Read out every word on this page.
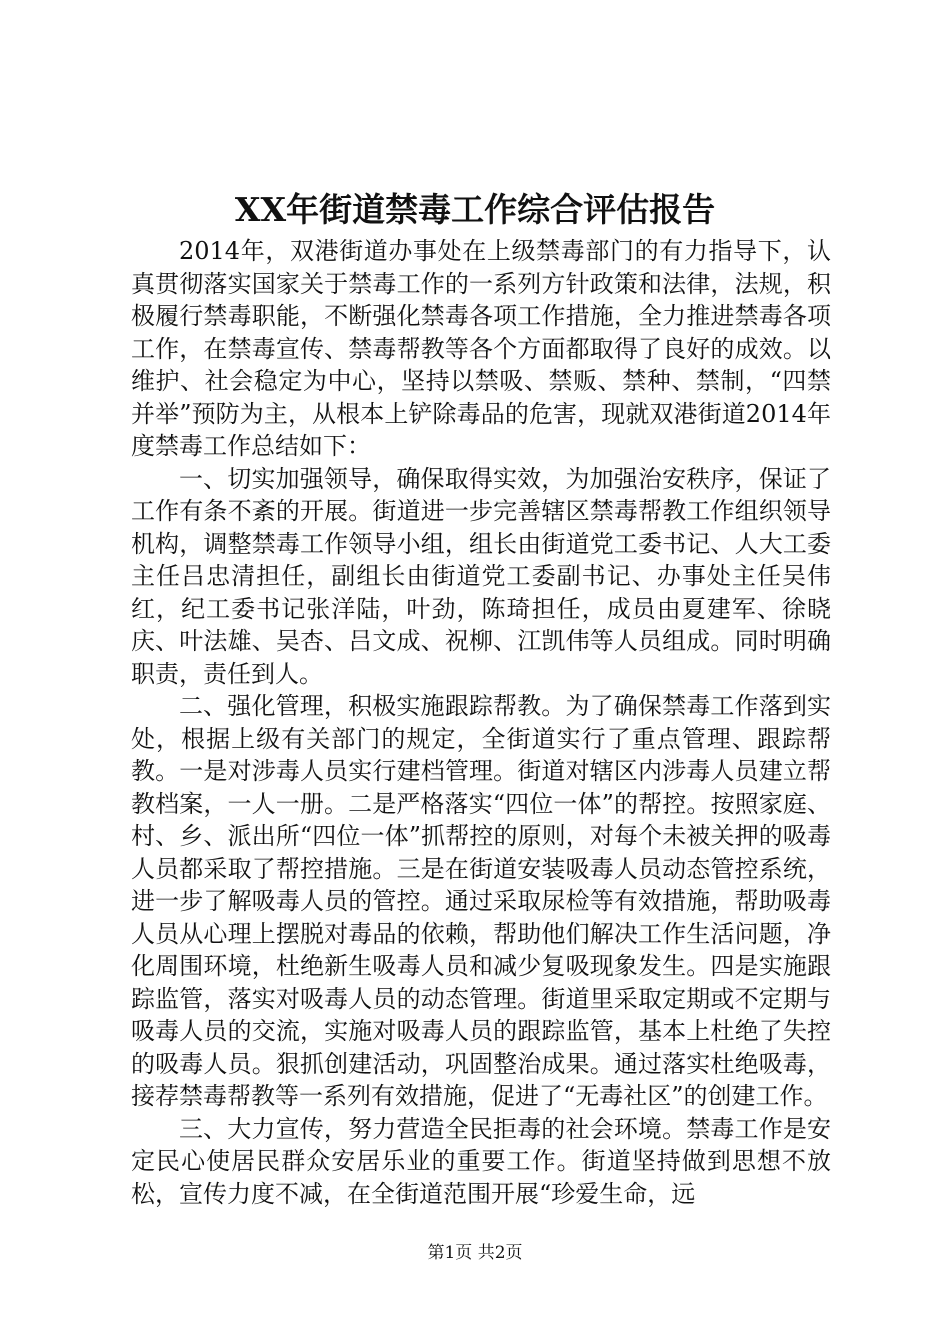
XX年街道禁毒工作综合评估报告

2014年，双港街道办事处在上级禁毒部门的有力指导下，认真贯彻落实国家关于禁毒工作的一系列方针政策和法律，法规，积极履行禁毒职能，不断强化禁毒各项工作措施，全力推进禁毒各项工作，在禁毒宣传、禁毒帮教等各个方面都取得了良好的成效。以维护、社会稳定为中心，坚持以禁吸、禁贩、禁种、禁制，“四禁并举”预防为主，从根本上铲除毒品的危害，现就双港街道2014年度禁毒工作总结如下：

一、切实加强领导，确保取得实效，为加强治安秩序，保证了工作有条不紊的开展。街道进一步完善辖区禁毒帮教工作组织领导机构，调整禁毒工作领导小组，组长由街道党工委书记、人大工委主任吕忠清担任，副组长由街道党工委副书记、办事处主任吴伟红，纪工委书记张洋陆，叶劲，陈琦担任，成员由夏建军、徐晓庆、叶法雄、吴杏、吕文成、祝柳、江凯伟等人员组成。同时明确职责，责任到人。

二、强化管理，积极实施跟踪帮教。为了确保禁毒工作落到实处，根据上级有关部门的规定，全街道实行了重点管理、跟踪帮教。一是对涉毒人员实行建档管理。街道对辖区内涉毒人员建立帮教档案，一人一册。二是严格落实“四位一体”的帮控。按照家庭、村、乡、派出所“四位一体”抓帮控的原则，对每个未被关押的吸毒人员都采取了帮控措施。三是在街道安装吸毒人员动态管控系统，进一步了解吸毒人员的管控。通过采取尿检等有效措施，帮助吸毒人员从心理上摆脱对毒品的依赖，帮助他们解决工作生活问题，净化周围环境，杜绝新生吸毒人员和减少复吸现象发生。四是实施跟踪监管，落实对吸毒人员的动态管理。街道里采取定期或不定期与吸毒人员的交流，实施对吸毒人员的跟踪监管，基本上杜绝了失控的吸毒人员。狠抓创建活动，巩固整治成果。通过落实杜绝吸毒，接荐禁毒帮教等一系列有效措施，促进了“无毒社区”的创建工作。

三、大力宣传，努力营造全民拒毒的社会环境。禁毒工作是安定民心使居民群众安居乐业的重要工作。街道坚持做到思想不放松，宣传力度不减，在全街道范围开展“珍爱生命，远

第1页 共2页
